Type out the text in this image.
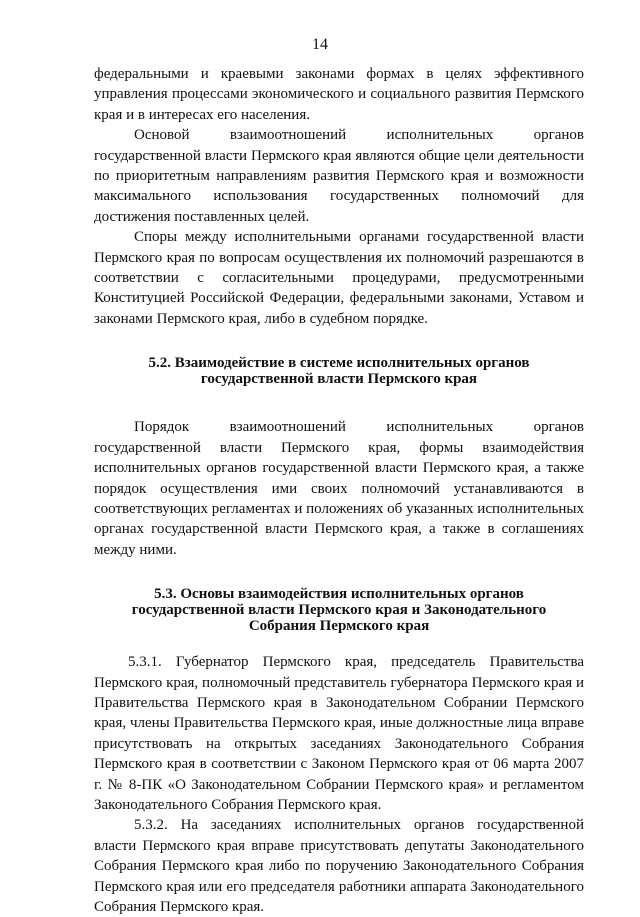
14

федеральными и краевыми законами формах в целях эффективного управления процессами экономического и социального развития Пермского края и в интересах его населения.

Основой взаимоотношений исполнительных органов государственной власти Пермского края являются общие цели деятельности по приоритетным направлениям развития Пермского края и возможности максимального использования государственных полномочий для достижения поставленных целей.

Споры между исполнительными органами государственной власти Пермского края по вопросам осуществления их полномочий разрешаются в соответствии с согласительными процедурами, предусмотренными Конституцией Российской Федерации, федеральными законами, Уставом и законами Пермского края, либо в судебном порядке.

5.2. Взаимодействие в системе исполнительных органов
государственной власти Пермского края

Порядок взаимоотношений исполнительных органов государственной власти Пермского края, формы взаимодействия исполнительных органов государственной власти Пермского края, а также порядок осуществления ими своих полномочий устанавливаются в соответствующих регламентах и положениях об указанных исполнительных органах государственной власти Пермского края, а также в соглашениях между ними.

5.3. Основы взаимодействия исполнительных органов
государственной власти Пермского края и Законодательного
Собрания Пермского края

5.3.1. Губернатор Пермского края, председатель Правительства Пермского края, полномочный представитель губернатора Пермского края и Правительства Пермского края в Законодательном Собрании Пермского края, члены Правительства Пермского края, иные должностные лица вправе присутствовать на открытых заседаниях Законодательного Собрания Пермского края в соответствии с Законом Пермского края от 06 марта 2007 г. № 8-ПК «О Законодательном Собрании Пермского края» и регламентом Законодательного Собрания Пермского края.

5.3.2. На заседаниях исполнительных органов государственной власти Пермского края вправе присутствовать депутаты Законодательного Собрания Пермского края либо по поручению Законодательного Собрания Пермского края или его председателя работники аппарата Законодательного Собрания Пермского края.
